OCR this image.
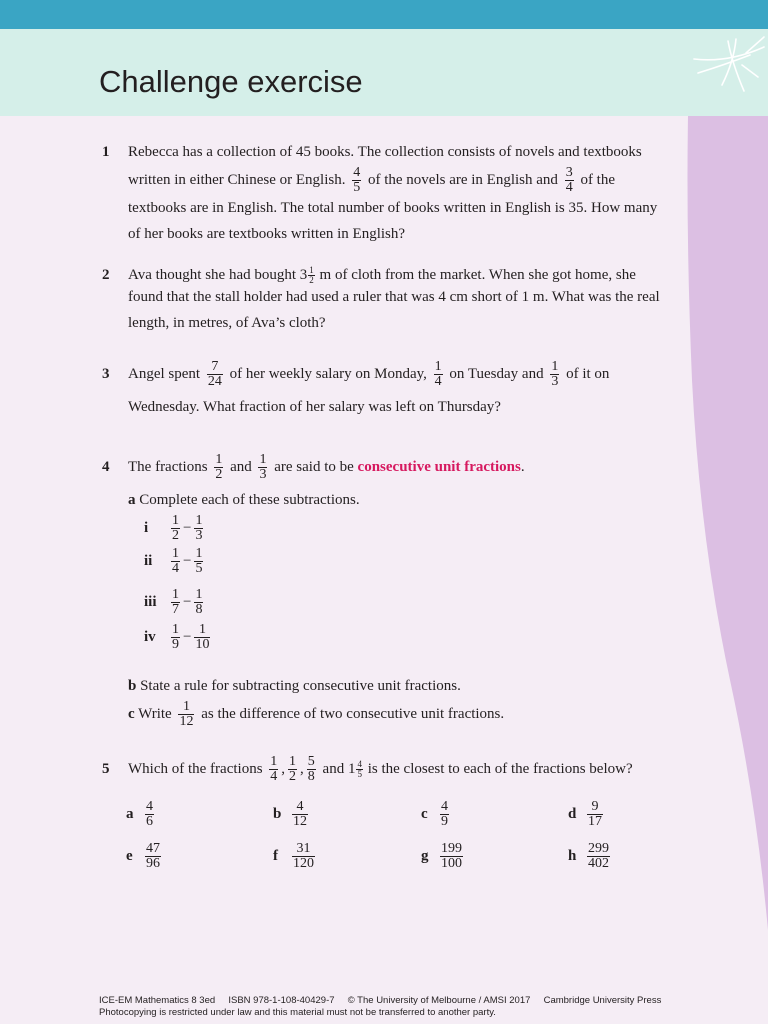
Challenge exercise
1 Rebecca has a collection of 45 books. The collection consists of novels and textbooks
written in either Chinese or English. $\frac{4}{5}$ of the novels are in English and $\frac{3}{4}$ of the
textbooks are in English. The total number of books written in English is 35. How many
of her books are textbooks written in English?
2 Ava thought she had bought $3 \frac{1}{2}$ m of cloth from the market. When she got home, she
found that the stall holder had used a ruler that was 4 cm short of 1 m. What was the real
length, in metres, of Ava’s cloth?
3 Angel spent $\frac{7}{24}$ of her weekly salary on Monday, $\frac{1}{4}$ on Tuesday and $\frac{1}{3}$ of it on
Wednesday. What fraction of her salary was left on Thursday?
4 The fractions $\frac{1}{2}$ and $\frac{1}{3}$ are said to be consecutive unit fractions.
a Complete each of these subtractions.
i $\frac{1}{2} - \frac{1}{3}$
ii $\frac{1}{4} - \frac{1}{5}$
iii $\frac{1}{7} - \frac{1}{8}$
iv $\frac{1}{9} - \frac{1}{10}$
b State a rule for subtracting consecutive unit fractions.
c Write $\frac{1}{12}$ as the difference of two consecutive unit fractions.
5 Which of the fractions $\frac{1}{4}$ , $\frac{1}{2}$ , $\frac{5}{8}$ and $1 \frac{4}{5}$ is the closest to each of the fractions below?
a $\frac{4}{6}$	b $\frac{4}{12}$	c $\frac{4}{9}$	d $\frac{9}{17}$
e $\frac{47}{96}$	f $\frac{31}{120}$	g $\frac{199}{100}$	h $\frac{299}{402}$
ICE-EM Mathematics 8 3ed ISBN 978-1-108-40429-7 © The University of Melbourne / AMSI 2017 Cambridge University Press
Photocopying is restricted under law and this material must not be transferred to another party.
